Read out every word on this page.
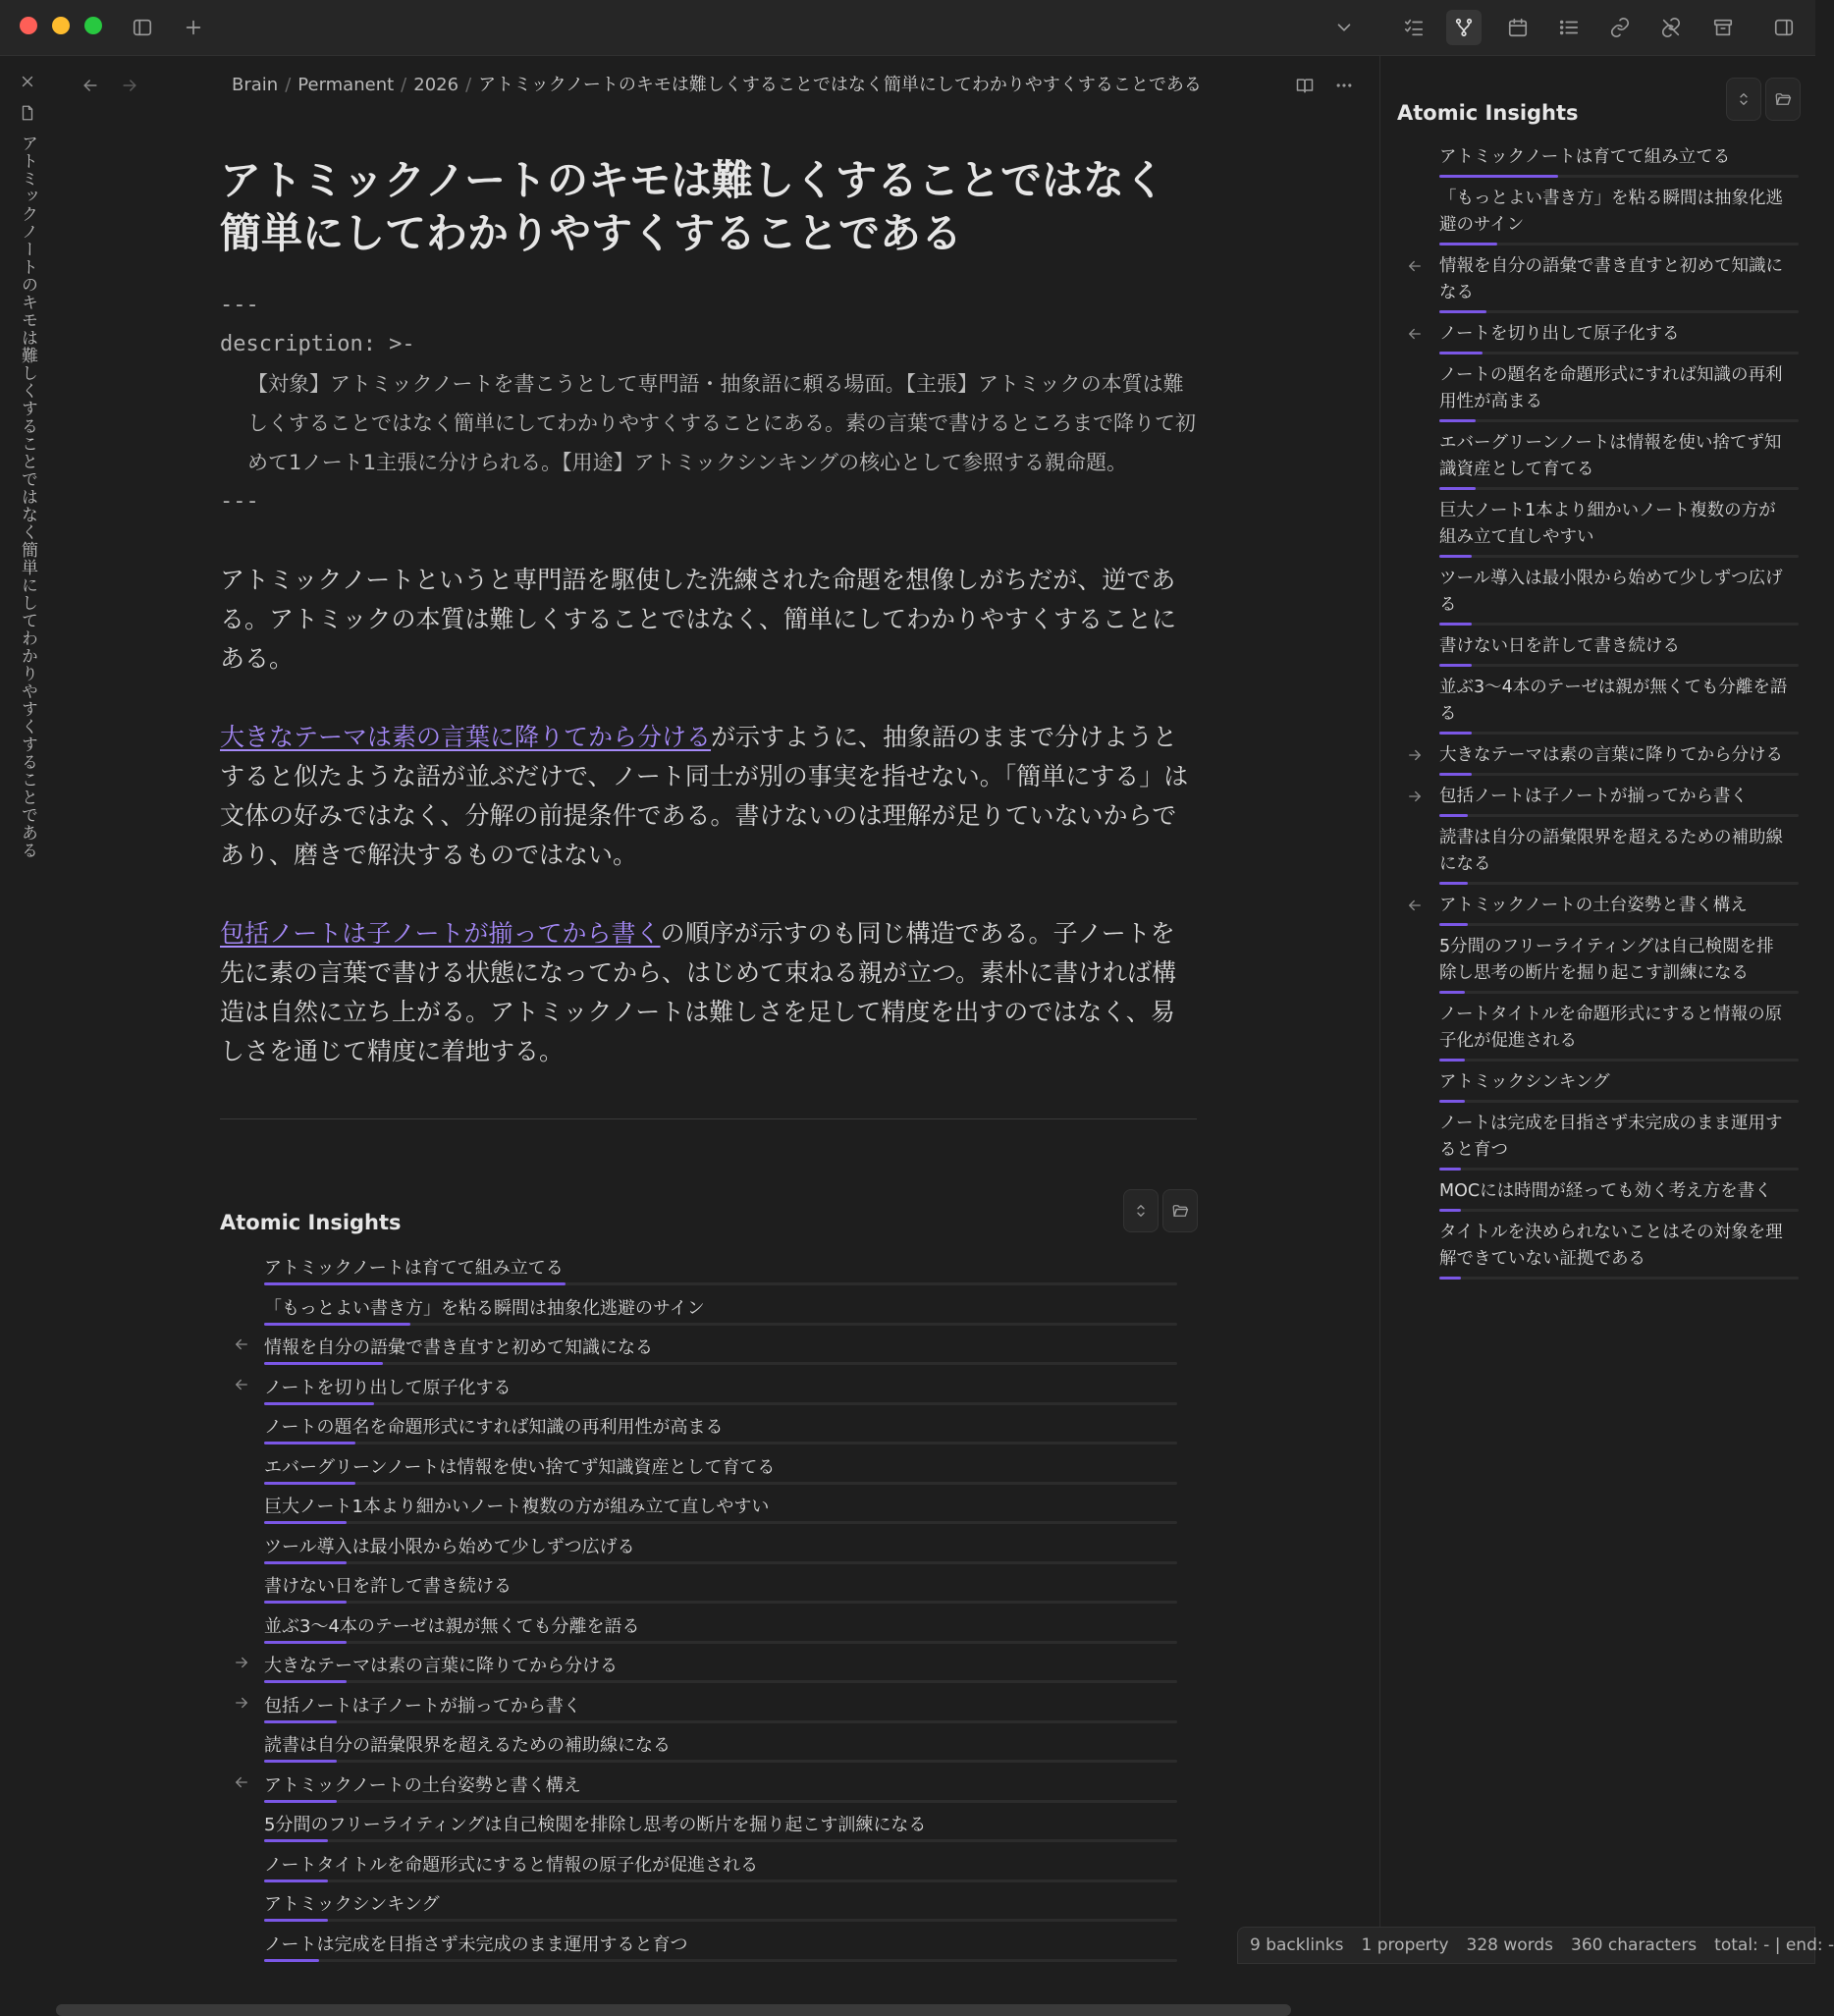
アトミックノートのキモは難しくすることではなく簡単にしてわかりやすくすることである
Brain / Permanent / 2026 / アトミックノートのキモは難しくすることではなく簡単にしてわかりやすくすることである
アトミックノートのキモは難しくすることではなく簡単にしてわかりやすくすることである
---
description: >-
【対象】アトミックノートを書こうとして専門語・抽象語に頼る場面。【主張】アトミックの本質は難しくすることではなく簡単にしてわかりやすくすることにある。素の言葉で書けるところまで降りて初めて1ノート1主張に分けられる。【用途】アトミックシンキングの核心として参照する親命題。
---

アトミックノートというと専門語を駆使した洗練された命題を想像しがちだが、逆である。アトミックの本質は難しくすることではなく、簡単にしてわかりやすくすることにある。

大きなテーマは素の言葉に降りてから分けるが示すように、抽象語のままで分けようとすると似たような語が並ぶだけで、ノート同士が別の事実を指せない。「簡単にする」は文体の好みではなく、分解の前提条件である。書けないのは理解が足りていないからであり、磨きで解決するものではない。

包括ノートは子ノートが揃ってから書くの順序が示すのも同じ構造である。子ノートを先に素の言葉で書ける状態になってから、はじめて束ねる親が立つ。素朴に書ければ構造は自然に立ち上がる。アトミックノートは難しさを足して精度を出すのではなく、易しさを通じて精度に着地する。

Atomic Insights
アトミックノートは育てて組み立てる
「もっとよい書き方」を粘る瞬間は抽象化逃避のサイン
情報を自分の語彙で書き直すと初めて知識になる
ノートを切り出して原子化する
ノートの題名を命題形式にすれば知識の再利用性が高まる
エバーグリーンノートは情報を使い捨てず知識資産として育てる
巨大ノート1本より細かいノート複数の方が組み立て直しやすい
ツール導入は最小限から始めて少しずつ広げる
書けない日を許して書き続ける
並ぶ3〜4本のテーゼは親が無くても分離を語る
大きなテーマは素の言葉に降りてから分ける
包括ノートは子ノートが揃ってから書く
読書は自分の語彙限界を超えるための補助線になる
アトミックノートの土台姿勢と書く構え
5分間のフリーライティングは自己検閲を排除し思考の断片を掘り起こす訓練になる
ノートタイトルを命題形式にすると情報の原子化が促進される
アトミックシンキング
ノートは完成を目指さず未完成のまま運用すると育つ
Atomic Insights
アトミックノートは育てて組み立てる
「もっとよい書き方」を粘る瞬間は抽象化逃避のサイン
情報を自分の語彙で書き直すと初めて知識になる
ノートを切り出して原子化する
ノートの題名を命題形式にすれば知識の再利用性が高まる
エバーグリーンノートは情報を使い捨てず知識資産として育てる
巨大ノート1本より細かいノート複数の方が組み立て直しやすい
ツール導入は最小限から始めて少しずつ広げる
書けない日を許して書き続ける
並ぶ3〜4本のテーゼは親が無くても分離を語る
大きなテーマは素の言葉に降りてから分ける
包括ノートは子ノートが揃ってから書く
読書は自分の語彙限界を超えるための補助線になる
アトミックノートの土台姿勢と書く構え
5分間のフリーライティングは自己検閲を排除し思考の断片を掘り起こす訓練になる
ノートタイトルを命題形式にすると情報の原子化が促進される
アトミックシンキング
ノートは完成を目指さず未完成のまま運用すると育つ
MOCには時間が経っても効く考え方を書く
タイトルを決められないことはその対象を理解できていない証拠である
9 backlinks 1 property 328 words 360 characters total: - | end: -
